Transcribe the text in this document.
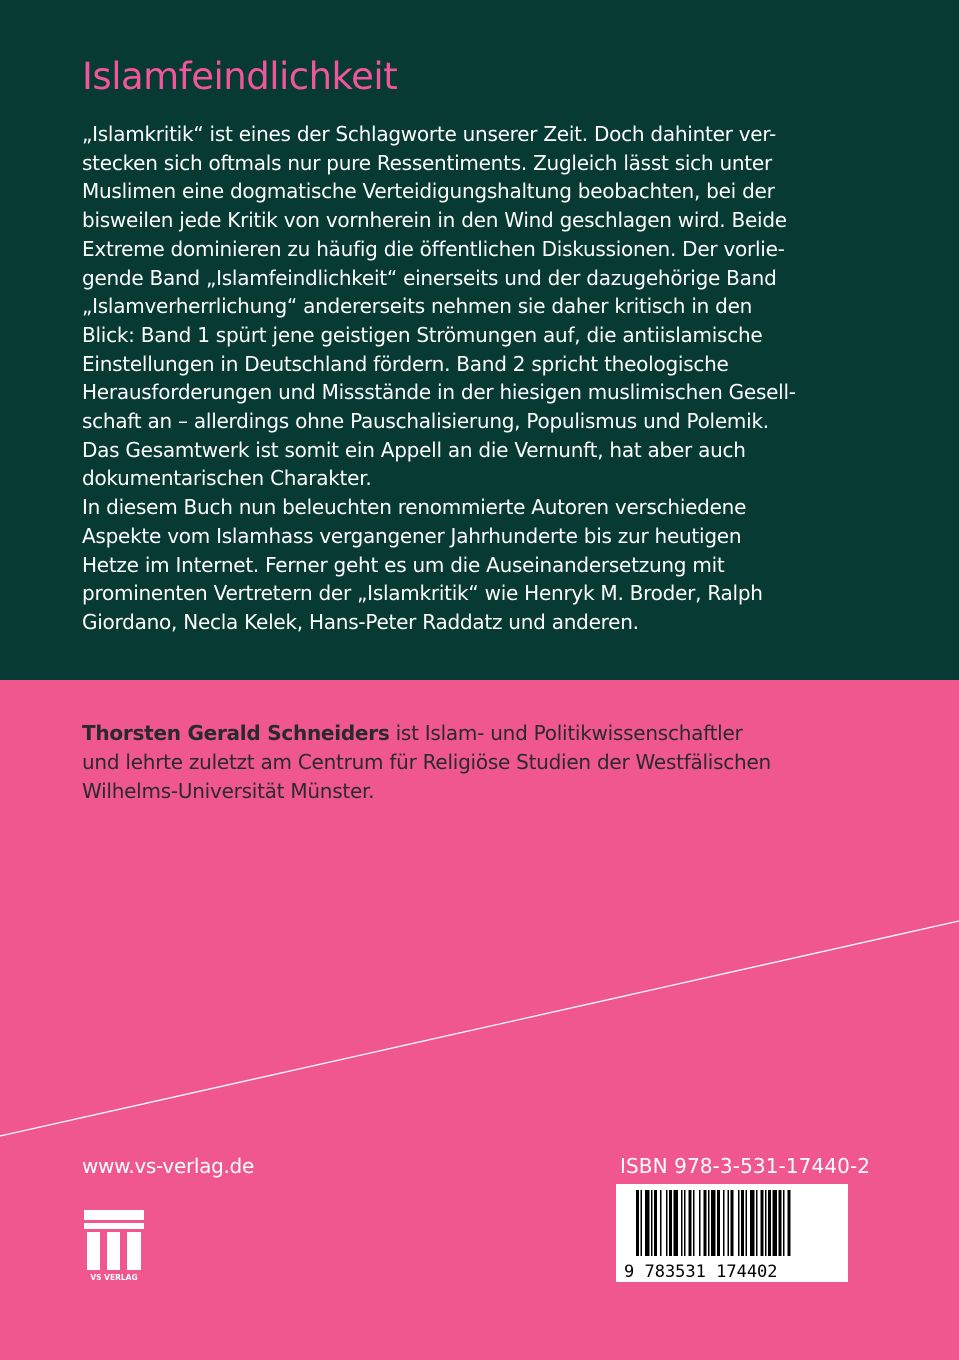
Islamfeindlichkeit
„Islamkritik“ ist eines der Schlagworte unserer Zeit. Doch dahinter ver-
stecken sich oftmals nur pure Ressentiments. Zugleich lässt sich unter
Muslimen eine dogmatische Verteidigungshaltung beobachten, bei der
bisweilen jede Kritik von vornherein in den Wind geschlagen wird. Beide
Extreme dominieren zu häufig die öffentlichen Diskussionen. Der vorlie-
gende Band „Islamfeindlichkeit“ einerseits und der dazugehörige Band
„Islamverherrlichung“ andererseits nehmen sie daher kritisch in den
Blick: Band 1 spürt jene geistigen Strömungen auf, die antiislamische
Einstellungen in Deutschland fördern. Band 2 spricht theologische
Herausforderungen und Missstände in der hiesigen muslimischen Gesell-
schaft an – allerdings ohne Pauschalisierung, Populismus und Polemik.
Das Gesamtwerk ist somit ein Appell an die Vernunft, hat aber auch
dokumentarischen Charakter.
In diesem Buch nun beleuchten renommierte Autoren verschiedene
Aspekte vom Islamhass vergangener Jahrhunderte bis zur heutigen
Hetze im Internet. Ferner geht es um die Auseinandersetzung mit
prominenten Vertretern der „Islamkritik“ wie Henryk M. Broder, Ralph
Giordano, Necla Kelek, Hans-Peter Raddatz und anderen.
Thorsten Gerald Schneiders ist Islam- und Politikwissenschaftler
und lehrte zuletzt am Centrum für Religiöse Studien der Westfälischen
Wilhelms-Universität Münster.
www.vs-verlag.de
VS VERLAG
ISBN 978-3-531-17440-2
9 783531 174402
